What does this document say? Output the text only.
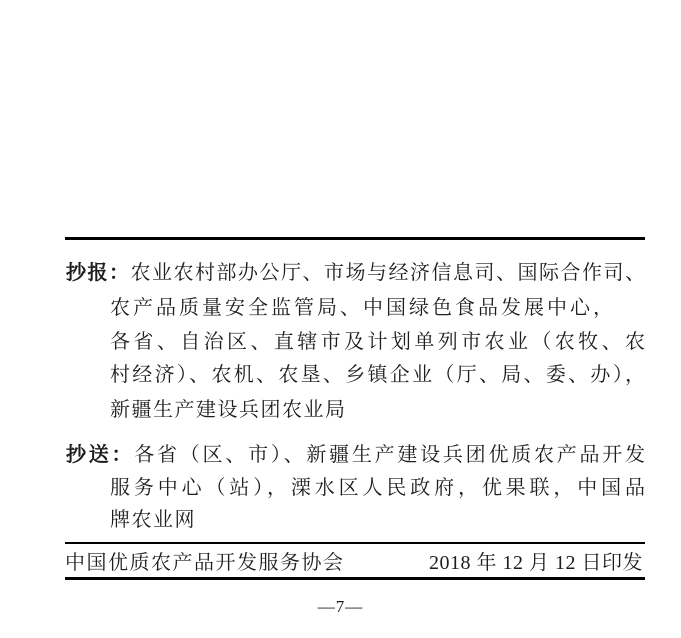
抄报：农业农村部办公厅、市场与经济信息司、国际合作司、
农产品质量安全监管局、中国绿色食品发展中心，
各省、自治区、直辖市及计划单列市农业（农牧、农
村经济）、农机、农垦、乡镇企业（厅、局、委、办），
新疆生产建设兵团农业局
抄送：各省（区、市）、新疆生产建设兵团优质农产品开发
服务中心（站），溧水区人民政府，优果联，中国品
牌农业网
中国优质农产品开发服务协会	2018 年 12 月 12 日印发
—7—
